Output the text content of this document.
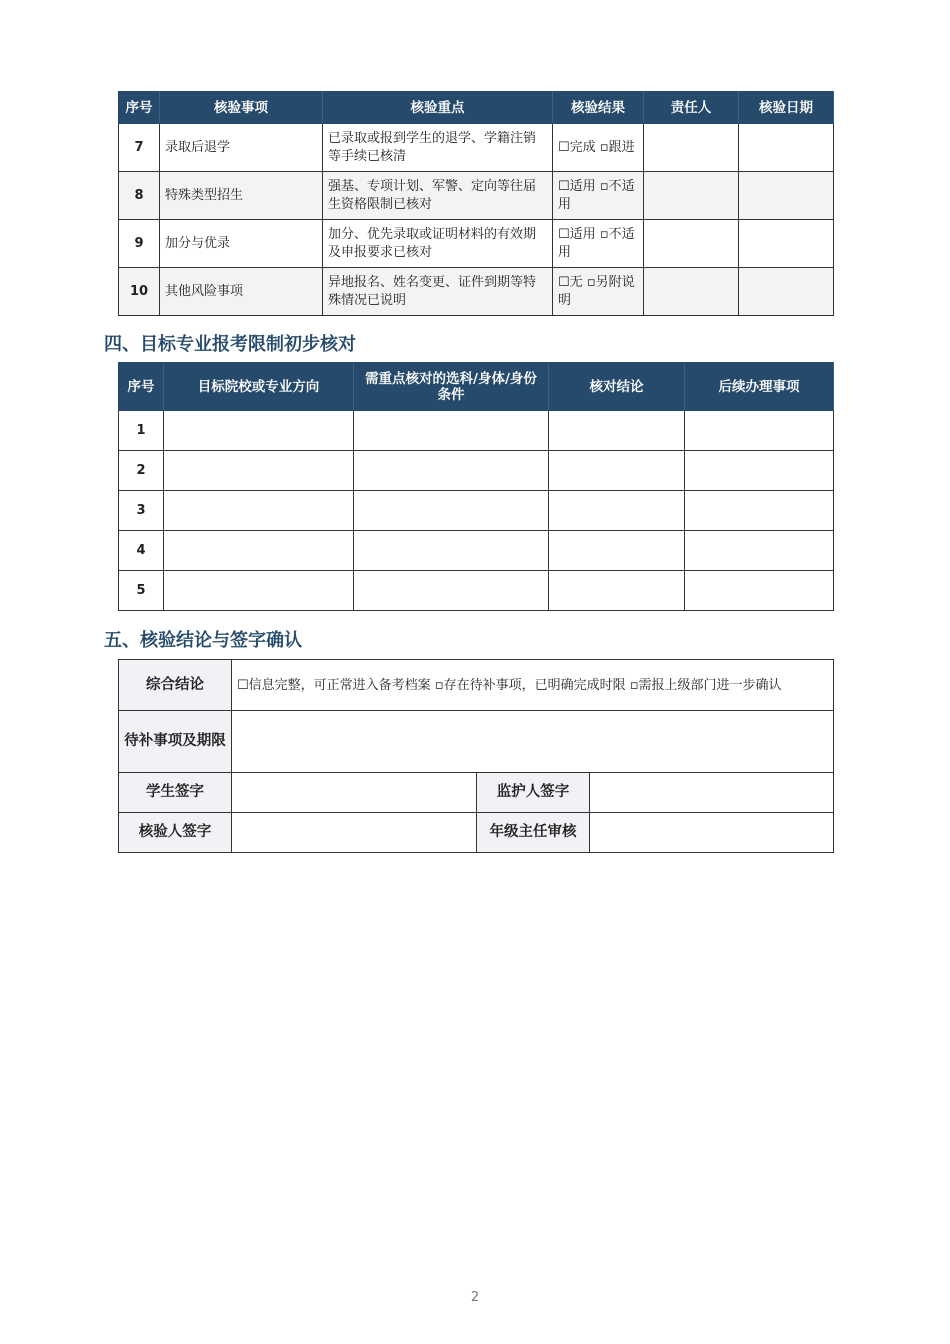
序号	核验事项	核验重点	核验结果	责任人	核验日期
7	录取后退学	已录取或报到学生的退学、学籍注销等手续已核清	☐完成 ▫跟进		
8	特殊类型招生	强基、专项计划、军警、定向等往届生资格限制已核对	☐适用 ▫不适用		
9	加分与优录	加分、优先录取或证明材料的有效期及申报要求已核对	☐适用 ▫不适用		
10	其他风险事项	异地报名、姓名变更、证件到期等特殊情况已说明	☐无 ▫另附说明		
四、目标专业报考限制初步核对
序号	目标院校或专业方向	需重点核对的选科/身体/身份条件	核对结论	后续办理事项
1				
2				
3				
4				
5				
五、核验结论与签字确认
综合结论	☐信息完整，可正常进入备考档案 ▫存在待补事项，已明确完成时限 ▫需报上级部门进一步确认		
待补事项及期限			
学生签字		监护人签字	
核验人签字		年级主任审核	
2
